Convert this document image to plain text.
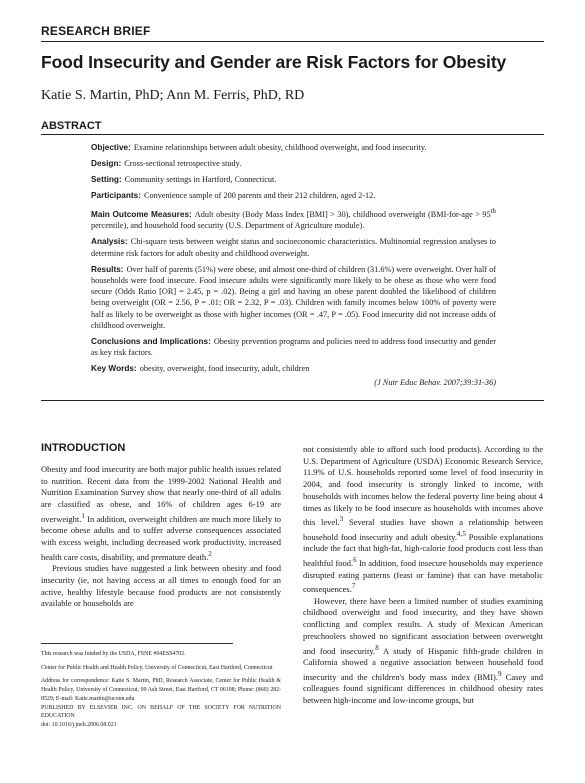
RESEARCH BRIEF
Food Insecurity and Gender are Risk Factors for Obesity
Katie S. Martin, PhD; Ann M. Ferris, PhD, RD
ABSTRACT

Objective: Examine relationships between adult obesity, childhood overweight, and food insecurity.

Design: Cross-sectional retrospective study.

Setting: Community settings in Hartford, Connecticut.

Participants: Convenience sample of 200 parents and their 212 children, aged 2-12.

Main Outcome Measures: Adult obesity (Body Mass Index [BMI] > 30), childhood overweight (BMI-for-age > 95th percentile), and household food security (U.S. Department of Agriculture module).

Analysis: Chi-square tests between weight status and socioeconomic characteristics. Multinomial regression analyses to determine risk factors for adult obesity and childhood overweight.

Results: Over half of parents (51%) were obese, and almost one-third of children (31.6%) were overweight. Over half of households were food insecure. Food insecure adults were significantly more likely to be obese as those who were food secure (Odds Ratio [OR] = 2.45, p = .02). Being a girl and having an obese parent doubled the likelihood of children being overweight (OR = 2.56, P = .01; OR = 2.32, P = .03). Children with family incomes below 100% of poverty were half as likely to be overweight as those with higher incomes (OR = .47, P = .05). Food insecurity did not increase odds of childhood overweight.

Conclusions and Implications: Obesity prevention programs and policies need to address food insecurity and gender as key risk factors.

Key Words: obesity, overweight, food insecurity, adult, children

(J Nutr Educ Behav. 2007;39:31-36)
INTRODUCTION

Obesity and food insecurity are both major public health issues related to nutrition. Recent data from the 1999-2002 National Health and Nutrition Examination Survey show that nearly one-third of all adults are classified as obese, and 16% of children ages 6-19 are overweight.$^1$ In addition, overweight children are much more likely to become obese adults and to suffer adverse consequences associated with excess weight, including decreased work productivity, increased health care costs, disability, and premature death.$^2$

Previous studies have suggested a link between obesity and food insecurity (ie, not having access at all times to enough food for an active, healthy lifestyle because food products are not consistently available or households are

This research was funded by the USDA, FSNE #04ESS4702.

Center for Public Health and Health Policy, University of Connecticut, East Hartford, Connecticut

Address for correspondence: Katie S. Martin, PhD, Research Associate, Center for Public Health & Health Policy, University of Connecticut, 99 Ash Street, East Hartford, CT 06108; Phone: (860) 282-8529; E-mail: Katie.martin@uconn.edu

PUBLISHED BY ELSEVIER INC. ON BEHALF OF THE SOCIETY FOR NUTRITION EDUCATION

doi: 10.1016/j.jneb.2006.08.021

not consistently able to afford such food products). According to the U.S. Department of Agriculture (USDA) Economic Research Service, 11.9% of U.S. households reported some level of food insecurity in 2004, and food insecurity is strongly linked to income, with households with incomes below the federal poverty line being about 4 times as likely to be food insecure as households with incomes above this level.$^3$ Several studies have shown a relationship between household food insecurity and adult obesity.$^{4,5}$ Possible explanations include the fact that high-fat, high-calorie food products cost less than healthful food.$^6$ In addition, food insecure households may experience disrupted eating patterns (feast or famine) that can have metabolic consequences.$^7$

However, there have been a limited number of studies examining childhood overweight and food insecurity, and they have shown conflicting and complex results. A study of Mexican American preschoolers showed no significant association between overweight and food insecurity.$^8$ A study of Hispanic fifth-grade children in California showed a negative association between household food insecurity and the children's body mass index (BMI).$^9$ Casey and colleagues found significant differences in childhood obesity rates between high-income and low-income groups, but
